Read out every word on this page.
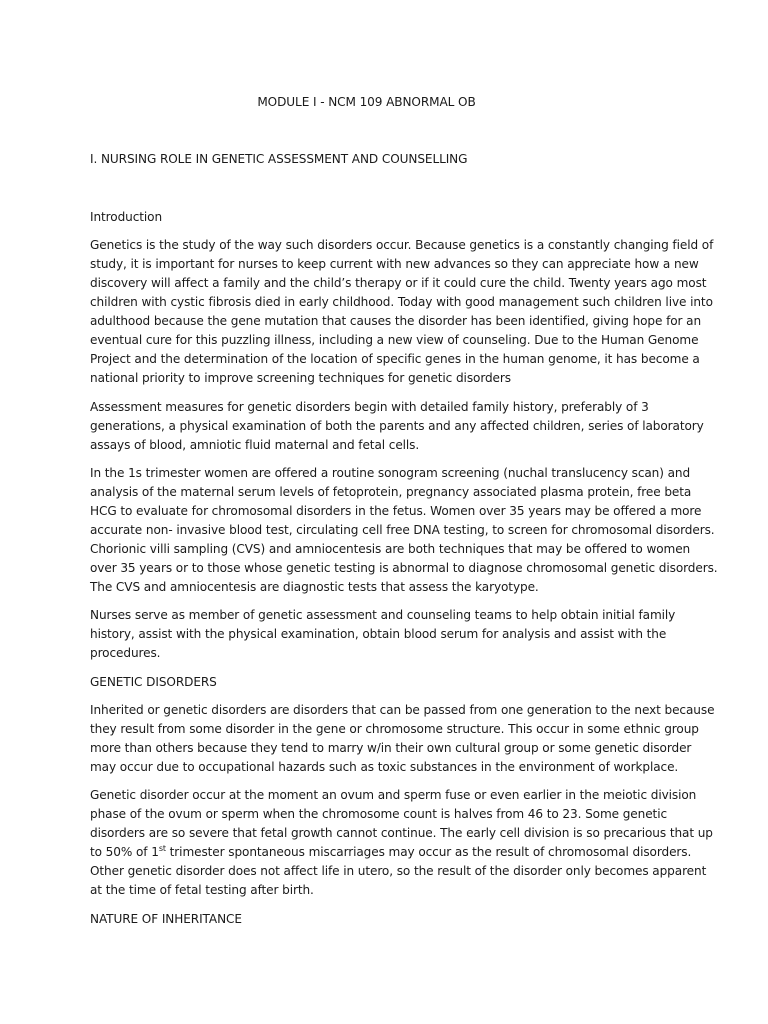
MODULE I - NCM 109 ABNORMAL OB

I. NURSING ROLE IN GENETIC ASSESSMENT AND COUNSELLING

Introduction

Genetics is the study of the way such disorders occur. Because genetics is a constantly changing field of
study, it is important for nurses to keep current with new advances so they can appreciate how a new
discovery will affect a family and the child’s therapy or if it could cure the child. Twenty years ago most
children with cystic fibrosis died in early childhood. Today with good management such children live into
adulthood because the gene mutation that causes the disorder has been identified, giving hope for an
eventual cure for this puzzling illness, including a new view of counseling. Due to the Human Genome
Project and the determination of the location of specific genes in the human genome, it has become a
national priority to improve screening techniques for genetic disorders

Assessment measures for genetic disorders begin with detailed family history, preferably of 3
generations, a physical examination of both the parents and any affected children, series of laboratory
assays of blood, amniotic fluid maternal and fetal cells.

In the 1s trimester women are offered a routine sonogram screening (nuchal translucency scan) and
analysis of the maternal serum levels of fetoprotein, pregnancy associated plasma protein, free beta
HCG to evaluate for chromosomal disorders in the fetus. Women over 35 years may be offered a more
accurate non- invasive blood test, circulating cell free DNA testing, to screen for chromosomal disorders.
Chorionic villi sampling (CVS) and amniocentesis are both techniques that may be offered to women
over 35 years or to those whose genetic testing is abnormal to diagnose chromosomal genetic disorders.
The CVS and amniocentesis are diagnostic tests that assess the karyotype.

Nurses serve as member of genetic assessment and counseling teams to help obtain initial family
history, assist with the physical examination, obtain blood serum for analysis and assist with the
procedures.

GENETIC DISORDERS

Inherited or genetic disorders are disorders that can be passed from one generation to the next because
they result from some disorder in the gene or chromosome structure. This occur in some ethnic group
more than others because they tend to marry w/in their own cultural group or some genetic disorder
may occur due to occupational hazards such as toxic substances in the environment of workplace.

Genetic disorder occur at the moment an ovum and sperm fuse or even earlier in the meiotic division
phase of the ovum or sperm when the chromosome count is halves from 46 to 23. Some genetic
disorders are so severe that fetal growth cannot continue. The early cell division is so precarious that up
to 50% of 1st trimester spontaneous miscarriages may occur as the result of chromosomal disorders.
Other genetic disorder does not affect life in utero, so the result of the disorder only becomes apparent
at the time of fetal testing after birth.

NATURE OF INHERITANCE
